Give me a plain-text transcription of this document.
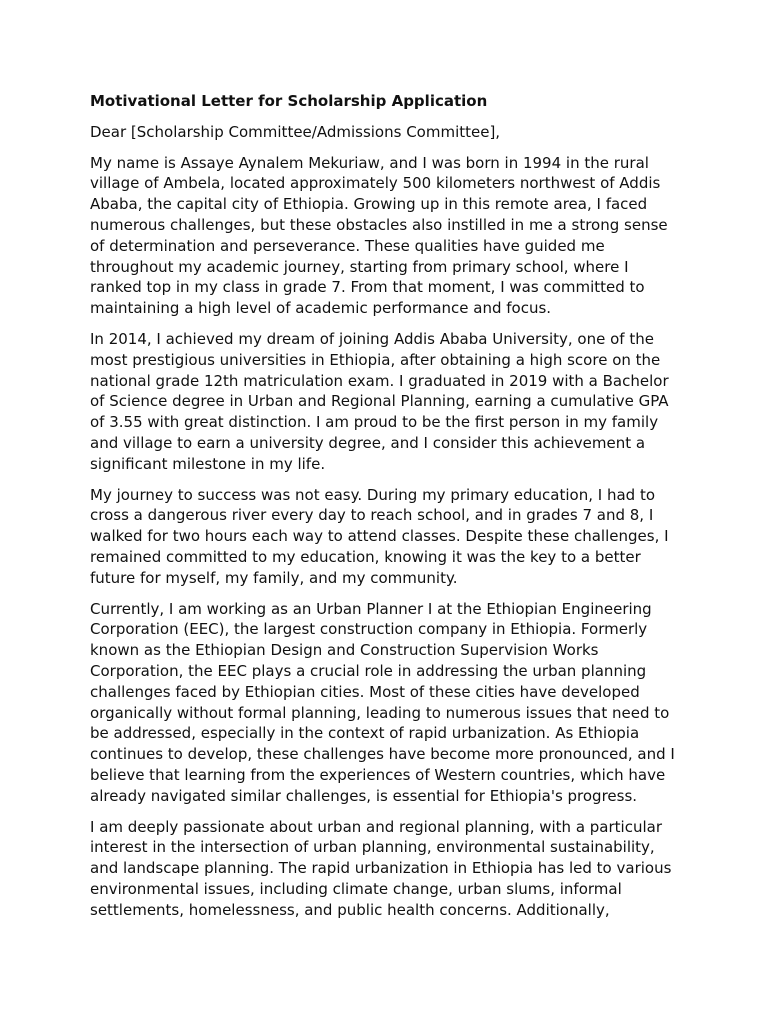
Motivational Letter for Scholarship Application
Dear [Scholarship Committee/Admissions Committee],
My name is Assaye Aynalem Mekuriaw, and I was born in 1994 in the rural
village of Ambela, located approximately 500 kilometers northwest of Addis
Ababa, the capital city of Ethiopia. Growing up in this remote area, I faced
numerous challenges, but these obstacles also instilled in me a strong sense
of determination and perseverance. These qualities have guided me
throughout my academic journey, starting from primary school, where I
ranked top in my class in grade 7. From that moment, I was committed to
maintaining a high level of academic performance and focus.
In 2014, I achieved my dream of joining Addis Ababa University, one of the
most prestigious universities in Ethiopia, after obtaining a high score on the
national grade 12th matriculation exam. I graduated in 2019 with a Bachelor
of Science degree in Urban and Regional Planning, earning a cumulative GPA
of 3.55 with great distinction. I am proud to be the first person in my family
and village to earn a university degree, and I consider this achievement a
significant milestone in my life.
My journey to success was not easy. During my primary education, I had to
cross a dangerous river every day to reach school, and in grades 7 and 8, I
walked for two hours each way to attend classes. Despite these challenges, I
remained committed to my education, knowing it was the key to a better
future for myself, my family, and my community.
Currently, I am working as an Urban Planner I at the Ethiopian Engineering
Corporation (EEC), the largest construction company in Ethiopia. Formerly
known as the Ethiopian Design and Construction Supervision Works
Corporation, the EEC plays a crucial role in addressing the urban planning
challenges faced by Ethiopian cities. Most of these cities have developed
organically without formal planning, leading to numerous issues that need to
be addressed, especially in the context of rapid urbanization. As Ethiopia
continues to develop, these challenges have become more pronounced, and I
believe that learning from the experiences of Western countries, which have
already navigated similar challenges, is essential for Ethiopia's progress.
I am deeply passionate about urban and regional planning, with a particular
interest in the intersection of urban planning, environmental sustainability,
and landscape planning. The rapid urbanization in Ethiopia has led to various
environmental issues, including climate change, urban slums, informal
settlements, homelessness, and public health concerns. Additionally,
